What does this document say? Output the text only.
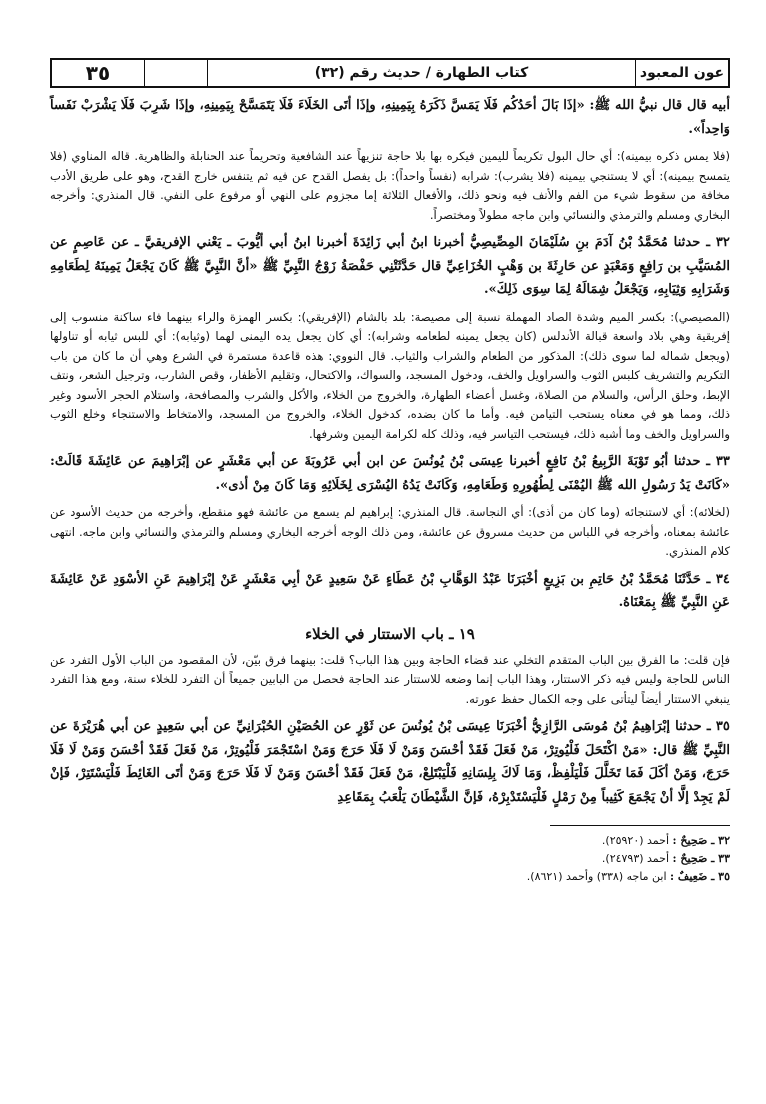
عون المعبود
كتاب الطهارة / حديث رقم (٣٢)
٣٥

أبيه قال قال نبيُّ الله ﷺ: «إذَا بَالَ أحَدُكُم فَلَا يَمَسَّ ذَكَرَهُ بِيَمِينِهِ، وإذَا أتَى الخَلَاءَ فَلَا يَتَمَسَّحْ بِيَمِينِهِ، وإذَا شَرِبَ فَلَا يَشْرَبْ نَفَساً وَاحِداً».

(فلا يمس ذكره بيمينه): أي حال البول تكريماً لليمين فيكره بها بلا حاجة تنزيهاً عند الشافعية وتحريماً عند الحنابلة والظاهرية. قاله المناوي (فلا يتمسح بيمينه): أي لا يستنجي بيمينه (فلا يشرب): شرابه (نفساً واحداً): بل يفصل القدح عن فيه ثم يتنفس خارج القدح، وهو على طريق الأدب مخافة من سقوط شيء من الفم والأنف فيه ونحو ذلك، والأفعال الثلاثة إما مجزوم على النهي أو مرفوع على النفي. قال المنذري: وأخرجه البخاري ومسلم والترمذي والنسائي وابن ماجه مطولاً ومختصراً.

٣٢ ـ حدثنا مُحَمَّدُ بْنُ آدَمَ بنِ سُلَيْمَانَ المِصِّيصِيُّ أخبرنا ابنُ أبي زَائِدَةَ أخبرنا ابنُ أبي أيُّوبَ ـ يَعْني الإفريقيَّ ـ عن عَاصِمٍ عن المُسَيَّبِ بن رَافِعٍ وَمَعْبَدٍ عن حَارِثَةَ بن وَهْبٍ الخُزَاعِيِّ قال حَدَّثَتْنِي حَفْصَةُ زَوْجُ النَّبِيِّ ﷺ «أنَّ النَّبِيَّ ﷺ كَانَ يَجْعَلُ يَمِينَهُ لِطَعَامِهِ وَشَرَابِهِ وَثِيَابِهِ، وَيَجْعَلُ شِمَالَهُ لِمَا سِوَى ذَلِكَ».

(المصيصي): بكسر الميم وشدة الصاد المهملة نسبة إلى مصيصة: بلد بالشام (الإفريقي): بكسر الهمزة والراء بينهما فاء ساكنة منسوب إلى إفريقية وهي بلاد واسعة قبالة الأندلس (كان يجعل يمينه لطعامه وشرابه): أي كان يجعل يده اليمنى لهما (وثيابه): أي للبس ثيابه أو تناولها (ويجعل شماله لما سوى ذلك): المذكور من الطعام والشراب والثياب. قال النووي: هذه قاعدة مستمرة في الشرع وهي أن ما كان من باب التكريم والتشريف كلبس الثوب والسراويل والخف، ودخول المسجد، والسواك، والاكتحال، وتقليم الأظفار، وقص الشارب، وترجيل الشعر، ونتف الإبط، وحلق الرأس، والسلام من الصلاة، وغسل أعضاء الطهارة، والخروج من الخلاء، والأكل والشرب والمصافحة، واستلام الحجر الأسود وغير ذلك، ومما هو في معناه يستحب التيامن فيه. وأما ما كان بضده، كدخول الخلاء، والخروج من المسجد، والامتخاط والاستنجاء وخلع الثوب والسراويل والخف وما أشبه ذلك، فيستحب التياسر فيه، وذلك كله لكرامة اليمين وشرفها.

٣٣ ـ حدثنا أبُو تَوْبَةَ الرَّبِيعُ بْنُ نَافِعٍ أخبرنا عِيسَى بْنُ يُونُسَ عن ابن أبي عَرُوبَةَ عن أبي مَعْشَرٍ عن إبْرَاهِيمَ عن عَائِشَةَ قَالَتْ: «كَانَتْ يَدُ رَسُولِ الله ﷺ اليُمْنَى لِطُهُورِهِ وَطَعَامِهِ، وَكَانَتْ يَدُهُ اليُسْرَى لِخَلَائِهِ وَمَا كَانَ مِنْ أذى».

(لخلائه): أي لاستنجائه (وما كان من أذى): أي النجاسة. قال المنذري: إبراهيم لم يسمع من عائشة فهو منقطع، وأخرجه من حديث الأسود عن عائشة بمعناه، وأخرجه في اللباس من حديث مسروق عن عائشة، ومن ذلك الوجه أخرجه البخاري ومسلم والترمذي والنسائي وابن ماجه. انتهى كلام المنذري.

٣٤ ـ حَدَّثَنَا مُحَمَّدُ بْنُ حَاتِمِ بن بَزِيعٍ أخْبَرَنَا عَبْدُ الوَهَّابِ بْنُ عَطَاءٍ عَنْ سَعِيدٍ عَنْ أبِي مَعْشَرٍ عَنْ إبْرَاهِيمَ عَنِ الأسْوَدِ عَنْ عَائِشَةَ عَنِ النَّبِيِّ ﷺ بِمَعْنَاهُ.

١٩ ـ باب الاستتار في الخلاء

فإن قلت: ما الفرق بين الباب المتقدم التخلي عند قضاء الحاجة وبين هذا الباب؟ قلت: بينهما فرق بيّن، لأن المقصود من الباب الأول التفرد عن الناس للحاجة وليس فيه ذكر الاستتار، وهذا الباب إنما وضعه للاستتار عند الحاجة فحصل من البابين جميعاً أن التفرد للخلاء سنة، ومع هذا التفرد ينبغي الاستتار أيضاً ليتأتى على وجه الكمال حفظ عورته.

٣٥ ـ حدثنا إبْرَاهِيمُ بْنُ مُوسَى الرَّازِيُّ أخْبَرَنَا عِيسَى بْنُ يُونُسَ عن ثَوْرٍ عن الحُصَيْنِ الحُبْرَانِيِّ عن أبي سَعِيدٍ عن أبي هُرَيْرَةَ عن النَّبِيِّ ﷺ قال: «مَنْ اكْتَحَلَ فَلْيُوتِرْ، مَنْ فَعَلَ فَقَدْ أحْسَنَ وَمَنْ لَا فَلَا حَرَجَ وَمَنْ اسْتَجْمَرَ فَلْيُوتِرْ، مَنْ فَعَلَ فَقَدْ أحْسَنَ وَمَنْ لَا فَلَا حَرَجَ، وَمَنْ أكَلَ فَمَا تَخَلَّلَ فَلْيَلْفِظْ، وَمَا لَاكَ بِلِسَانِهِ فَلْيَبْتَلِعْ، مَنْ فَعَلَ فَقَدْ أحْسَنَ وَمَنْ لَا فَلَا حَرَجَ وَمَنْ أتَى الغَائِطَ فَلْيَسْتَتِرْ، فَإنْ لَمْ يَجِدْ إلَّا أنْ يَجْمَعَ كَثِيباً مِنْ رَمْلٍ فَلْيَسْتَدْبِرْهُ، فَإنَّ الشَّيْطَانَ يَلْعَبُ بِمَقَاعِدِ

٣٢ ـ صَحِيحٌ : أحمد (٢٥٩٢٠).

٣٣ ـ صَحِيحٌ : أحمد (٢٤٧٩٣).

٣٥ ـ ضَعِيفٌ : ابن ماجه (٣٣٨) وأحمد (٨٦٢١).
